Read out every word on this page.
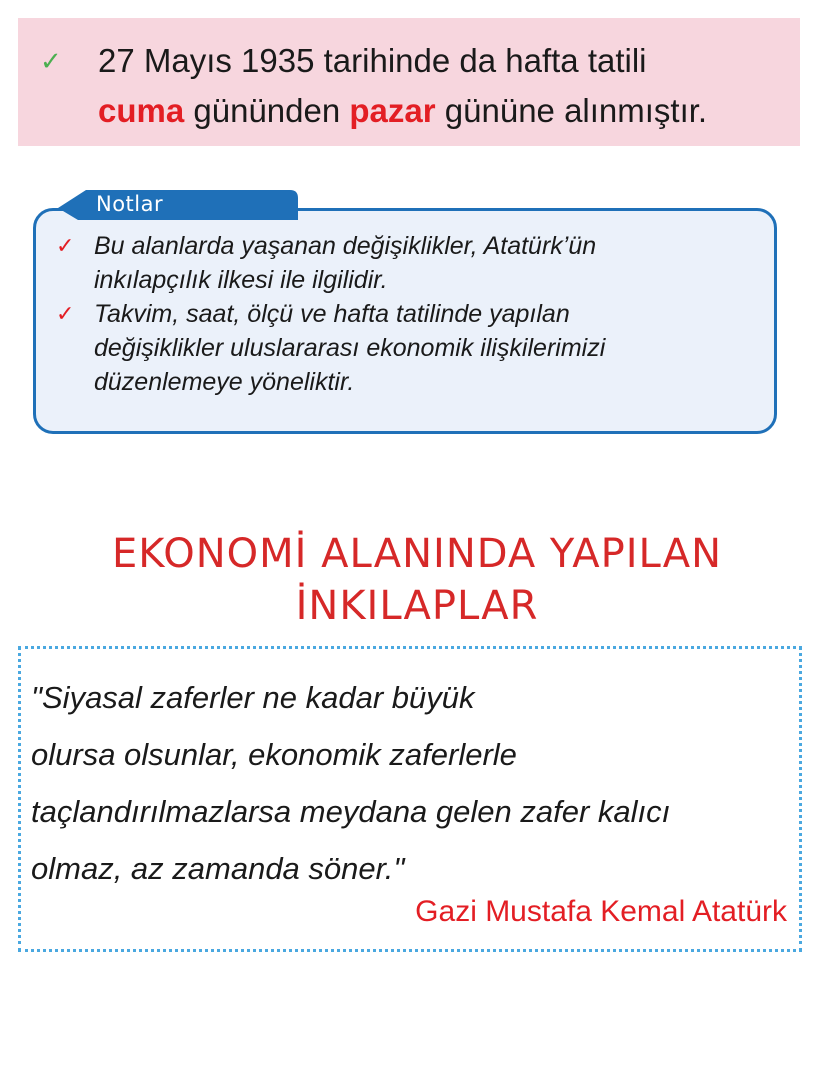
✓ 27 Mayıs 1935 tarihinde da hafta tatili
cuma gününden pazar gününe alınmıştır.
✓ Bu alanlarda yaşanan değişiklikler, Atatürk’ün
inkılapçılık ilkesi ile ilgilidir.
✓ Takvim, saat, ölçü ve hafta tatilinde yapılan
değişiklikler uluslararası ekonomik ilişkilerimizi
düzenlemeye yöneliktir.
Notlar
EKONOMİ ALANINDA YAPILAN
İNKILAPLAR
"Siyasal zaferler ne kadar büyük
olursa olsunlar, ekonomik zaferlerle
taçlandırılmazlarsa meydana gelen zafer kalıcı
olmaz, az zamanda söner."
Gazi Mustafa Kemal Atatürk
